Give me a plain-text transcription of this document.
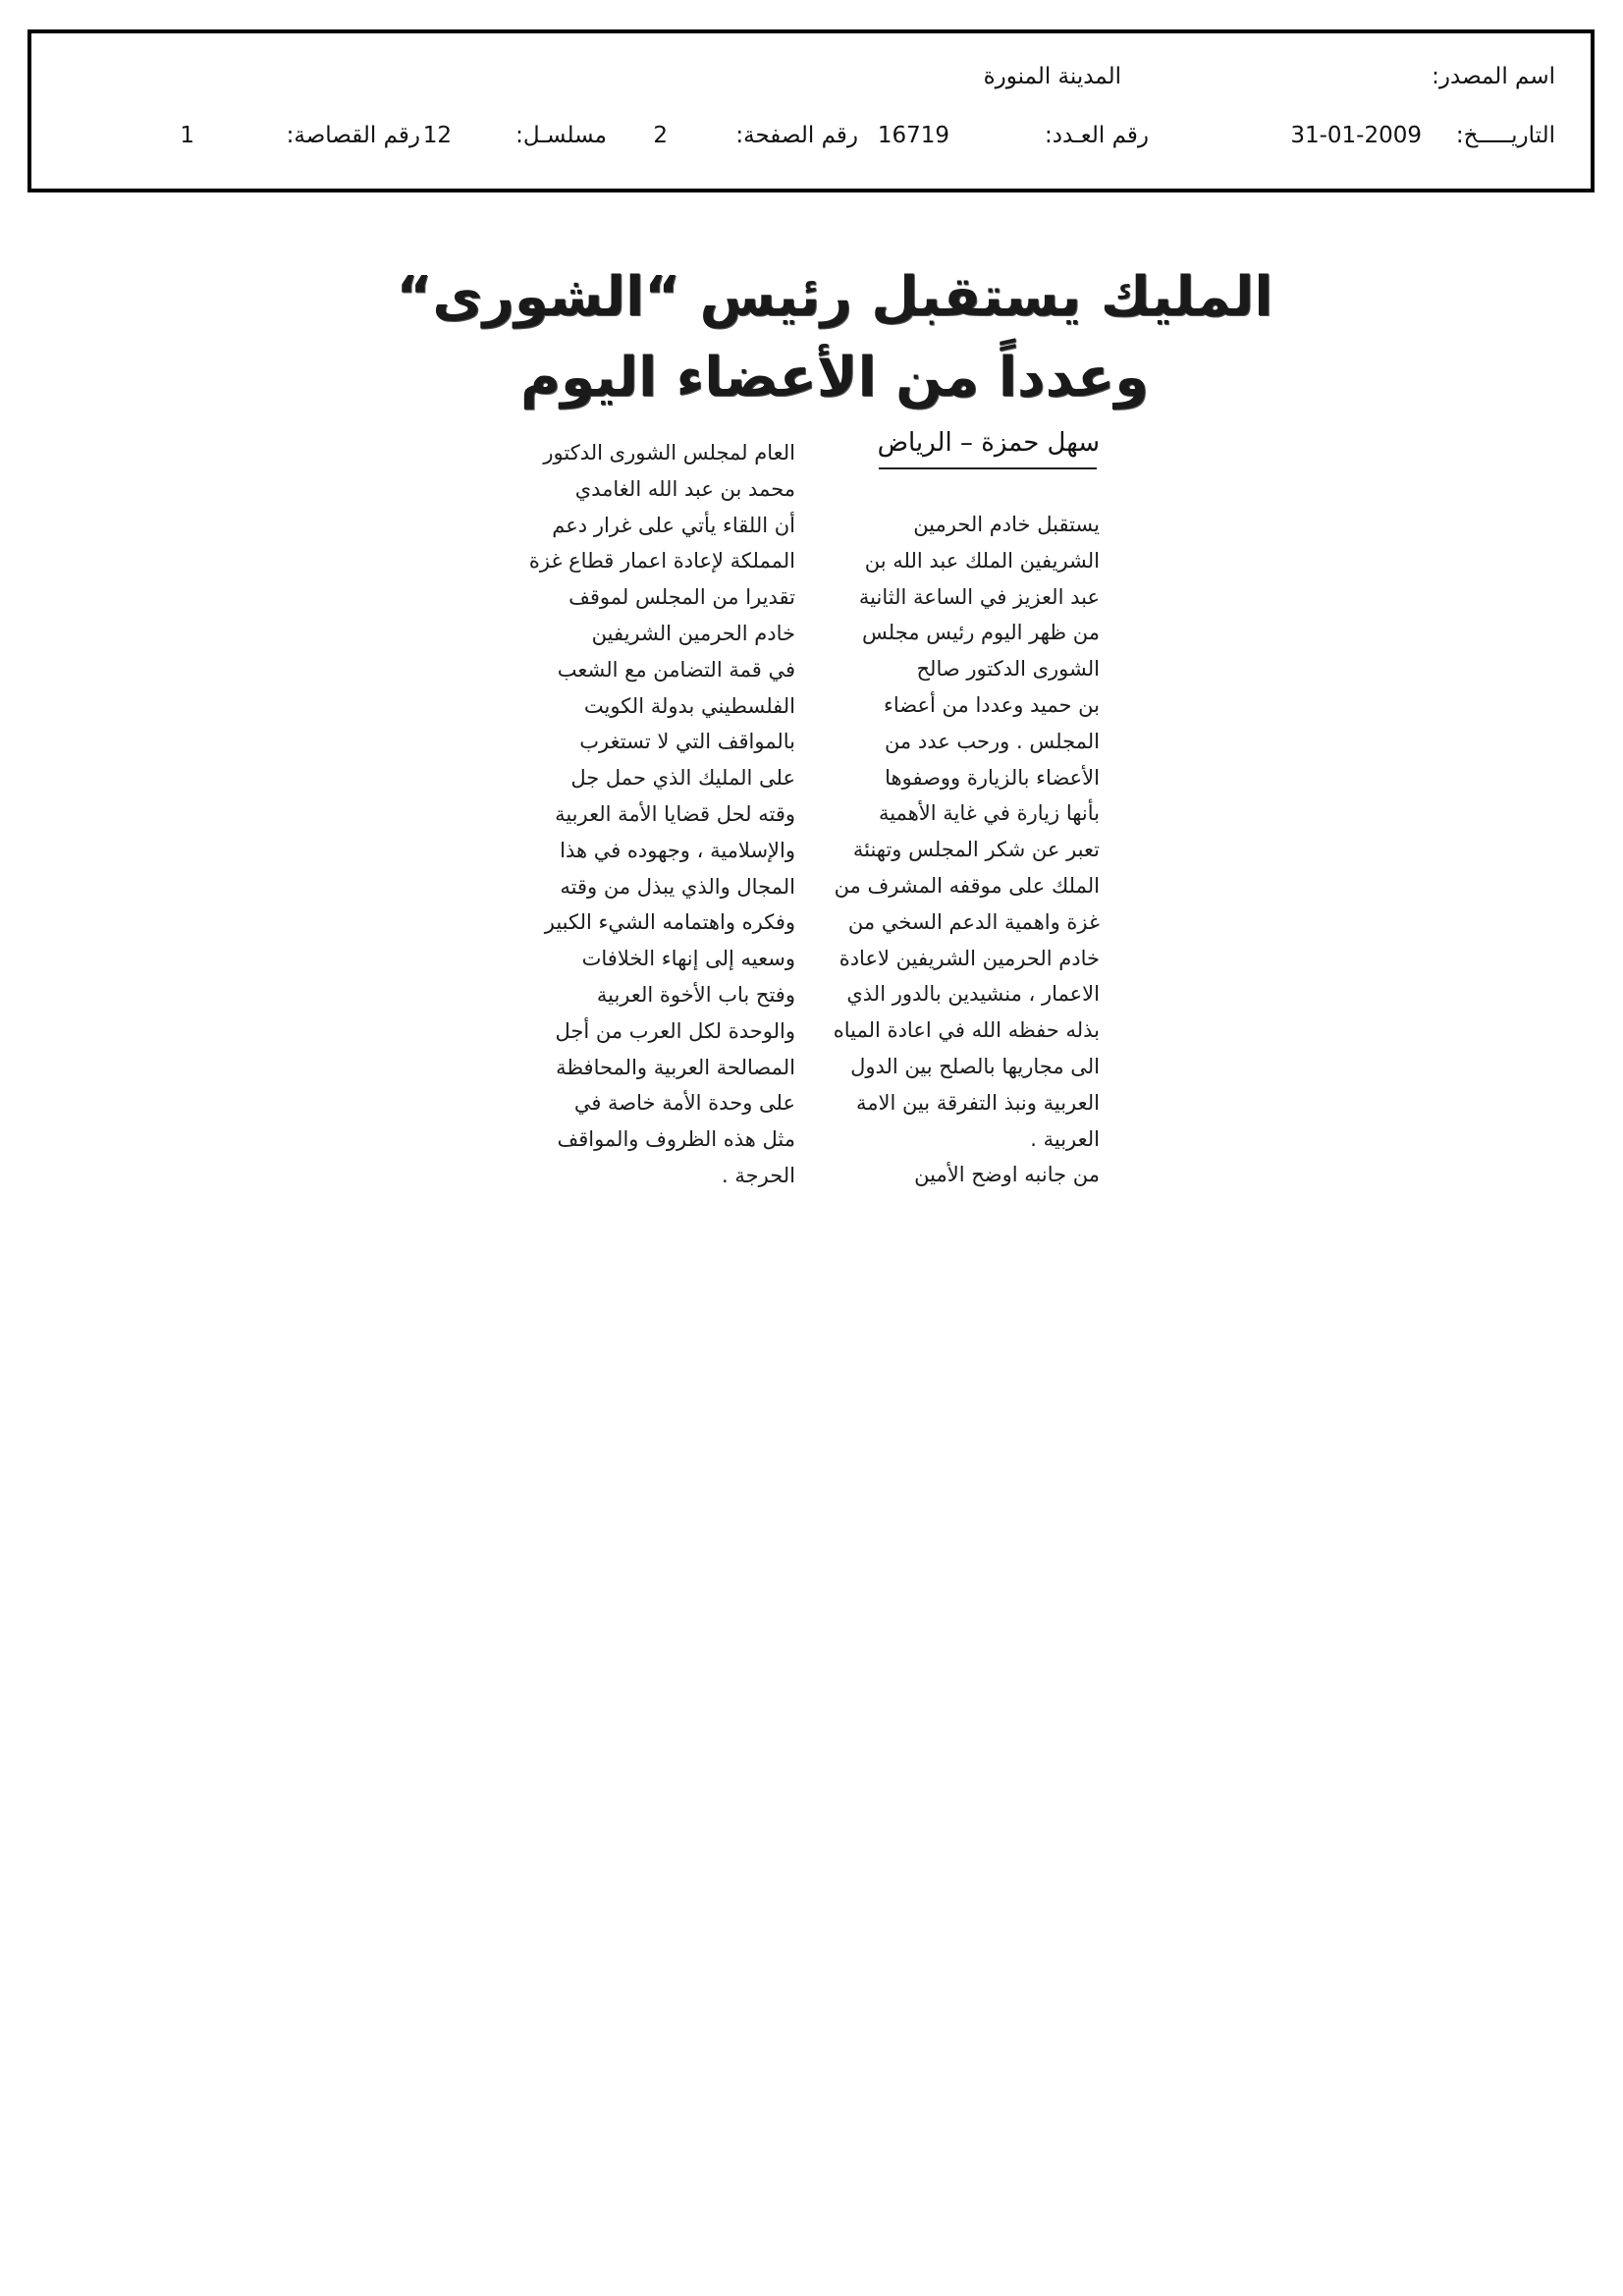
اسم المصدر:
المدينة المنورة
التاريـــــخ:
31-01-2009
رقم العـدد:
16719
رقم الصفحة:
2
مسلسـل:
12
رقم القصاصة:
1
المليك يستقبل رئيس “الشورى“
وعدداً من الأعضاء اليوم
سهل حمزة – الرياض
يستقبل خادم الحرمين
الشريفين الملك عبد الله بن
عبد العزيز في الساعة الثانية
من ظهر اليوم رئيس مجلس
الشورى الدكتور صالح
بن حميد وعددا من أعضاء
المجلس . ورحب عدد من
الأعضاء بالزيارة ووصفوها
بأنها زيارة في غاية الأهمية
تعبر عن شكر المجلس وتهنئة
الملك على موقفه المشرف من
غزة واهمية الدعم السخي من
خادم الحرمين الشريفين لاعادة
الاعمار ، منشيدين بالدور الذي
بذله حفظه الله في اعادة المياه
الى مجاريها بالصلح بين الدول
العربية ونبذ التفرقة بين الامة
العربية .
من جانبه اوضح الأمين
العام لمجلس الشورى الدكتور
محمد بن عبد الله الغامدي
أن اللقاء يأتي على غرار دعم
المملكة لإعادة اعمار قطاع غزة
تقديرا من المجلس لموقف
خادم الحرمين الشريفين
في قمة التضامن مع الشعب
الفلسطيني بدولة الكويت
بالمواقف التي لا تستغرب
على المليك الذي حمل جل
وقته لحل قضايا الأمة العربية
والإسلامية ، وجهوده في هذا
المجال والذي يبذل من وقته
وفكره واهتمامه الشيء الكبير
وسعيه إلى إنهاء الخلافات
وفتح باب الأخوة العربية
والوحدة لكل العرب من أجل
المصالحة العربية والمحافظة
على وحدة الأمة خاصة في
مثل هذه الظروف والمواقف
الحرجة .
